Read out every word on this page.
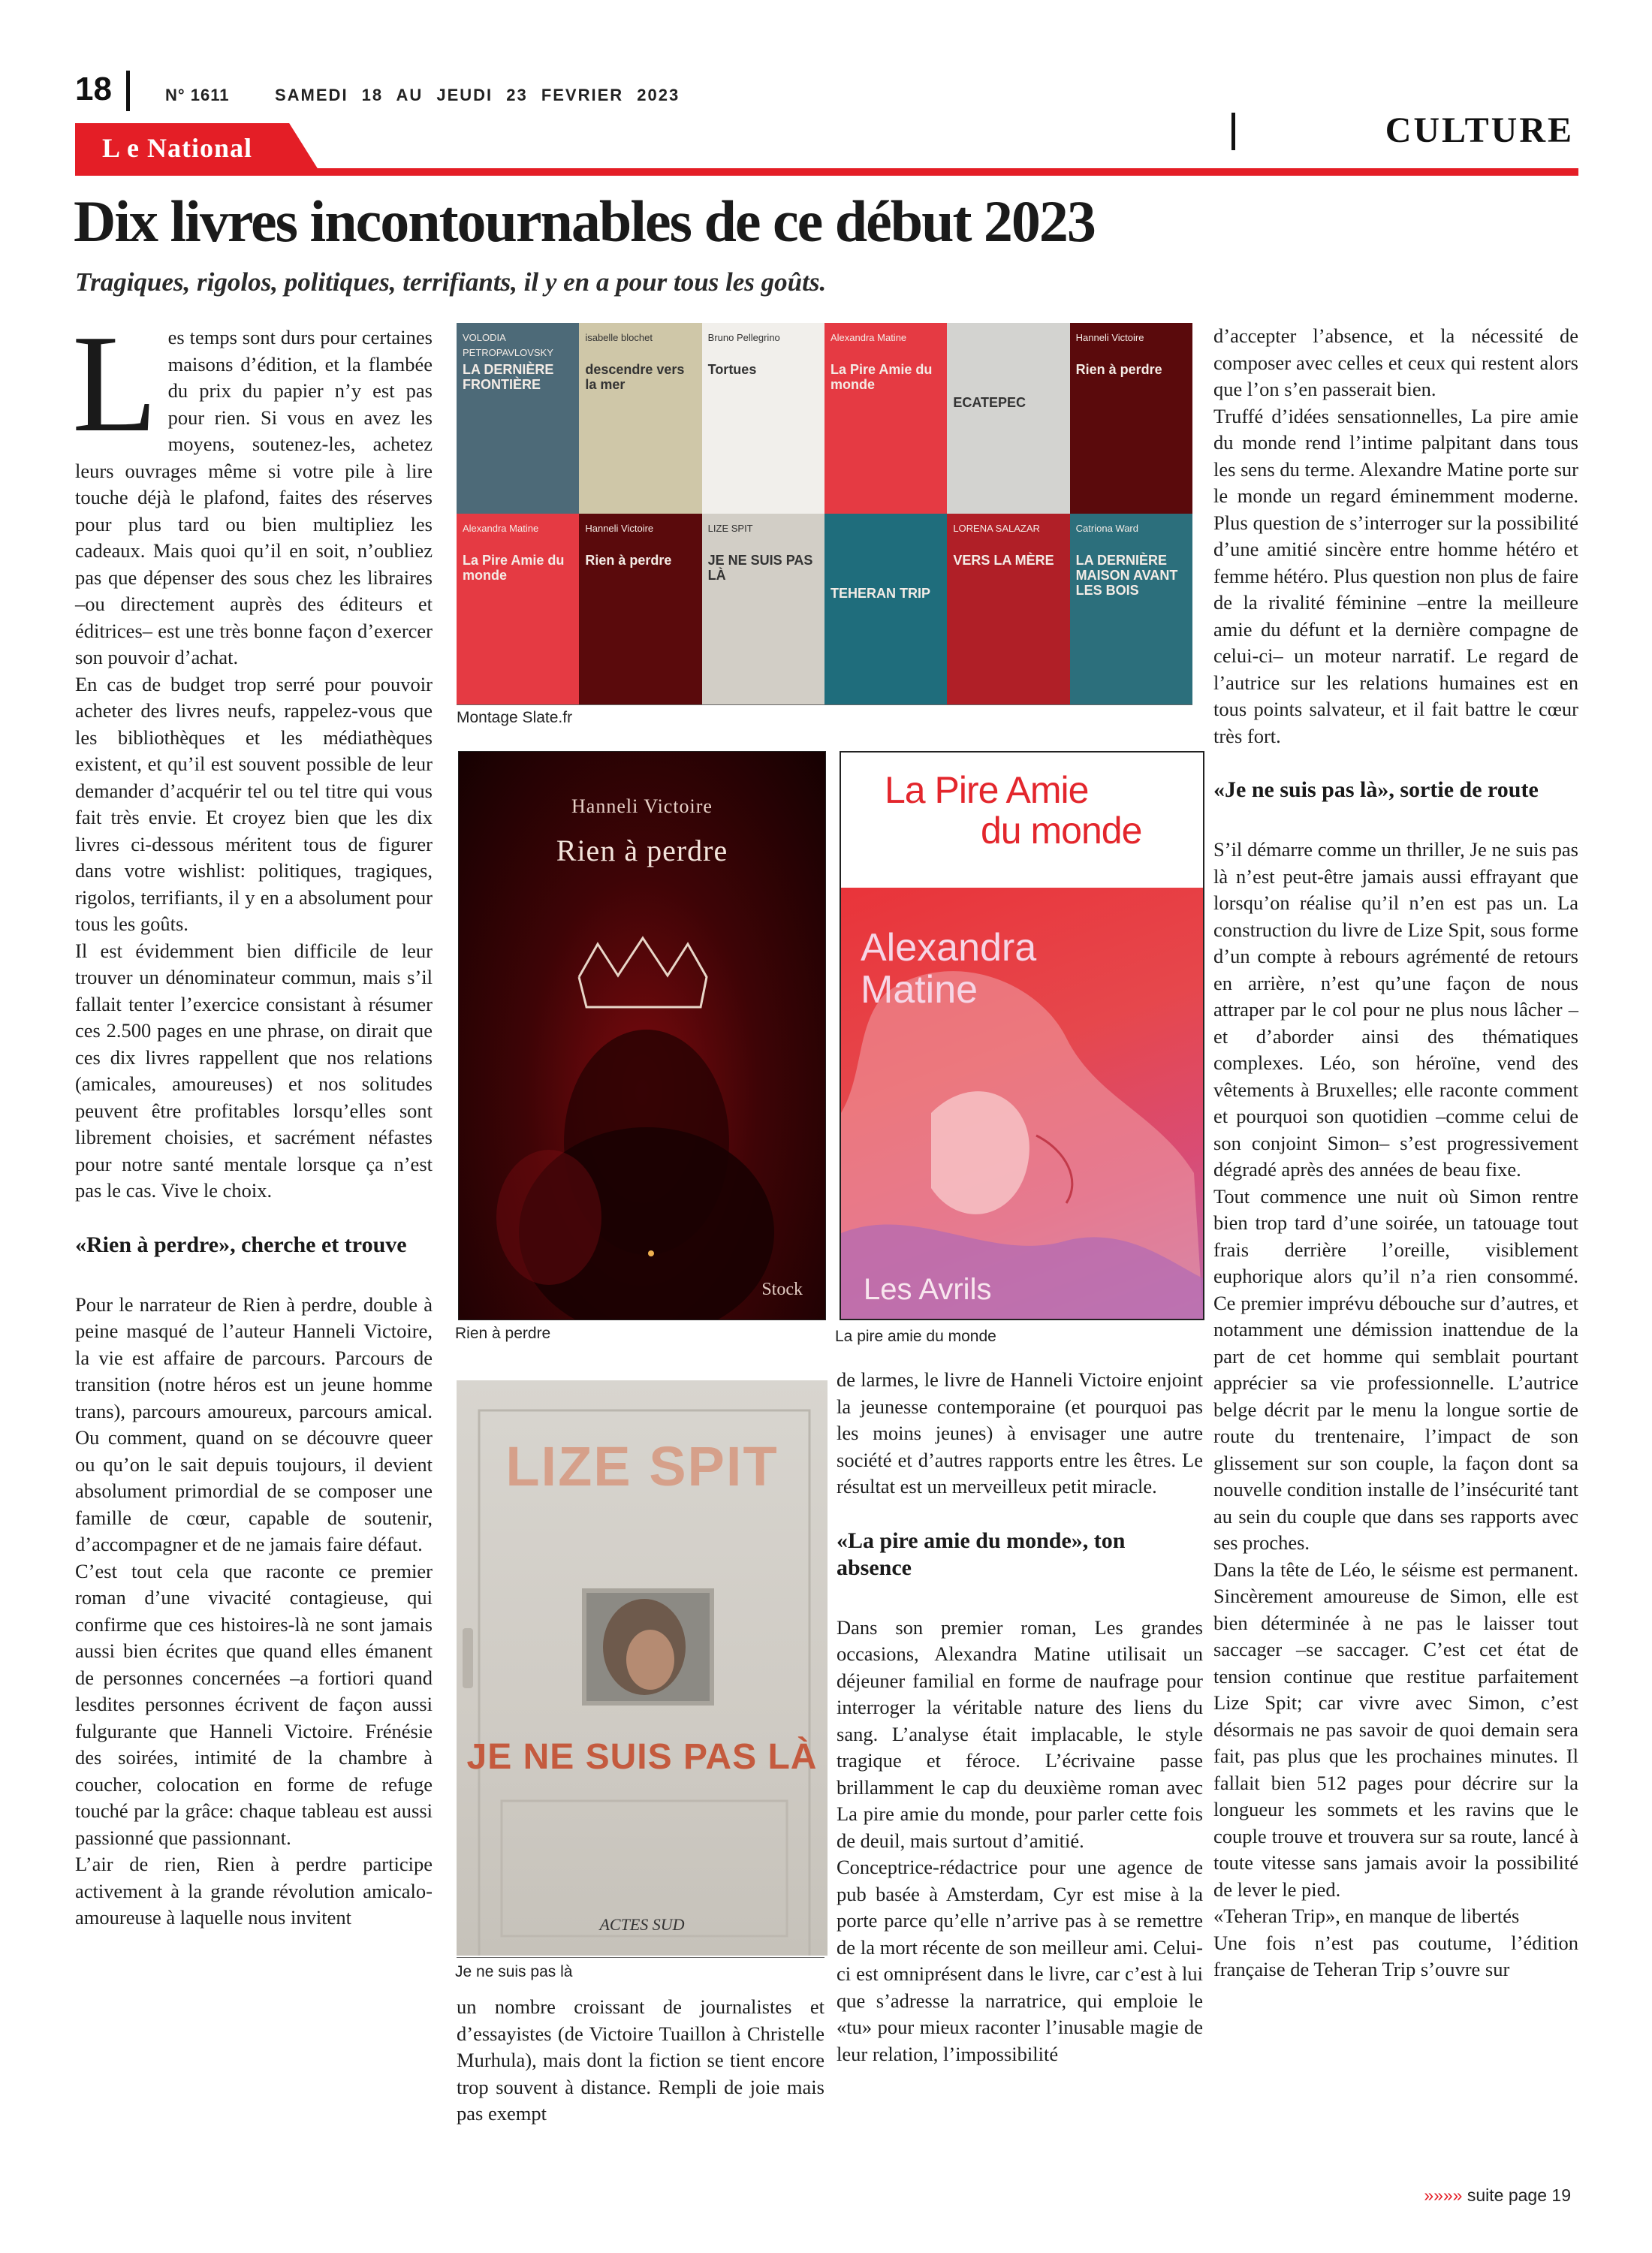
18	N° 1611	SAMEDI 18 AU JEUDI 23 FEVRIER 2023
CULTURE
L e National
Dix livres incontournables de ce début 2023
Tragiques, rigolos, politiques, terrifiants, il y en a pour tous les goûts.

Les temps sont durs pour certaines maisons d’édition, et la flambée du prix du papier n’y est pas pour rien. Si vous en avez les moyens, soutenez-les, achetez leurs ouvrages même si votre pile à lire touche déjà le plafond, faites des réserves pour plus tard ou bien multipliez les cadeaux. Mais quoi qu’il en soit, n’oubliez pas que dépenser des sous chez les libraires –ou directement auprès des éditeurs et éditrices– est une très bonne façon d’exercer son pouvoir d’achat.

En cas de budget trop serré pour pouvoir acheter des livres neufs, rappelez-vous que les bibliothèques et les médiathèques existent, et qu’il est souvent possible de leur demander d’acquérir tel ou tel titre qui vous fait très envie. Et croyez bien que les dix livres ci-dessous méritent tous de figurer dans votre wishlist: politiques, tragiques, rigolos, terrifiants, il y en a absolument pour tous les goûts.

Il est évidemment bien difficile de leur trouver un dénominateur commun, mais s’il fallait tenter l’exercice consistant à résumer ces 2.500 pages en une phrase, on dirait que ces dix livres rappellent que nos relations (amicales, amoureuses) et nos solitudes peuvent être profitables lorsqu’elles sont librement choisies, et sacrément néfastes pour notre santé mentale lorsque ça n’est pas le cas. Vive le choix.

«Rien à perdre», cherche et trouve

Pour le narrateur de Rien à perdre, double à peine masqué de l’auteur Hanneli Victoire, la vie est affaire de parcours. Parcours de transition (notre héros est un jeune homme trans), parcours amoureux, parcours amical. Ou comment, quand on se découvre queer ou qu’on le sait depuis toujours, il devient absolument primordial de se composer une famille de cœur, capable de soutenir, d’accompagner et de ne jamais faire défaut.

C’est tout cela que raconte ce premier roman d’une vivacité contagieuse, qui confirme que ces histoires-là ne sont jamais aussi bien écrites que quand elles émanent de personnes concernées –a fortiori quand lesdites personnes écrivent de façon aussi fulgurante que Hanneli Victoire. Frénésie des soirées, intimité de la chambre à coucher, colocation en forme de refuge touché par la grâce: chaque tableau est aussi passionné que passionnant.

L’air de rien, Rien à perdre participe activement à la grande révolution amicalo-amoureuse à laquelle nous invitent

VOLODIA PETROPAVLOVSKY
LA DERNIÈRE FRONTIÈRE
isabelle blochet
descendre vers la mer
Bruno Pellegrino
Tortues
Alexandra Matine
La Pire Amie du monde
ECATEPEC
Hanneli Victoire
Rien à perdre
Alexandra Matine
La Pire Amie du monde
Hanneli Victoire
Rien à perdre
LIZE SPIT
JE NE SUIS PAS LÀ
TEHERAN TRIP
LORENA SALAZAR
VERS LA MÈRE
Catriona Ward
LA DERNIÈRE MAISON AVANT LES BOIS
Montage Slate.fr
Hanneli Victoire
Rien à perdre
Stock
Rien à perdre
La Pire Amie
du monde
Alexandra
Matine
Les Avrils
La pire amie du monde
LIZE SPIT
JE NE SUIS PAS LÀ
ACTES SUD
Je ne suis pas là

un nombre croissant de journalistes et d’essayistes (de Victoire Tuaillon à Christelle Murhula), mais dont la fiction se tient encore trop souvent à distance. Rempli de joie mais pas exempt

de larmes, le livre de Hanneli Victoire enjoint la jeunesse contemporaine (et pourquoi pas les moins jeunes) à envisager une autre société et d’autres rapports entre les êtres. Le résultat est un merveilleux petit miracle.

«La pire amie du monde», ton absence

Dans son premier roman, Les grandes occasions, Alexandra Matine utilisait un déjeuner familial en forme de naufrage pour interroger la véritable nature des liens du sang. L’analyse était implacable, le style tragique et féroce. L’écrivaine passe brillamment le cap du deuxième roman avec La pire amie du monde, pour parler cette fois de deuil, mais surtout d’amitié.

Conceptrice-rédactrice pour une agence de pub basée à Amsterdam, Cyr est mise à la porte parce qu’elle n’arrive pas à se remettre de la mort récente de son meilleur ami. Celui-ci est omniprésent dans le livre, car c’est à lui que s’adresse la narratrice, qui emploie le «tu» pour mieux raconter l’inusable magie de leur relation, l’impossibilité

d’accepter l’absence, et la nécessité de composer avec celles et ceux qui restent alors que l’on s’en passerait bien.

Truffé d’idées sensationnelles, La pire amie du monde rend l’intime palpitant dans tous les sens du terme. Alexandre Matine porte sur le monde un regard éminemment moderne. Plus question de s’interroger sur la possibilité d’une amitié sincère entre homme hétéro et femme hétéro. Plus question non plus de faire de la rivalité féminine –entre la meilleure amie du défunt et la dernière compagne de celui-ci– un moteur narratif. Le regard de l’autrice sur les relations humaines est en tous points salvateur, et il fait battre le cœur très fort.

«Je ne suis pas là», sortie de route

S’il démarre comme un thriller, Je ne suis pas là n’est peut-être jamais aussi effrayant que lorsqu’on réalise qu’il n’en est pas un. La construction du livre de Lize Spit, sous forme d’un compte à rebours agrémenté de retours en arrière, n’est qu’une façon de nous attraper par le col pour ne plus nous lâcher –et d’aborder ainsi des thématiques complexes. Léo, son héroïne, vend des vêtements à Bruxelles; elle raconte comment et pourquoi son quotidien –comme celui de son conjoint Simon– s’est progressivement dégradé après des années de beau fixe.

Tout commence une nuit où Simon rentre bien trop tard d’une soirée, un tatouage tout frais derrière l’oreille, visiblement euphorique alors qu’il n’a rien consommé. Ce premier imprévu débouche sur d’autres, et notamment une démission inattendue de la part de cet homme qui semblait pourtant apprécier sa vie professionnelle. L’autrice belge décrit par le menu la longue sortie de route du trentenaire, l’impact de son glissement sur son couple, la façon dont sa nouvelle condition installe de l’insécurité tant au sein du couple que dans ses rapports avec ses proches.

Dans la tête de Léo, le séisme est permanent. Sincèrement amoureuse de Simon, elle est bien déterminée à ne pas le laisser tout saccager –se saccager. C’est cet état de tension continue que restitue parfaitement Lize Spit; car vivre avec Simon, c’est désormais ne pas savoir de quoi demain sera fait, pas plus que les prochaines minutes. Il fallait bien 512 pages pour décrire sur la longueur les sommets et les ravins que le couple trouve et trouvera sur sa route, lancé à toute vitesse sans jamais avoir la possibilité de lever le pied.

«Teheran Trip», en manque de libertés

Une fois n’est pas coutume, l’édition française de Teheran Trip s’ouvre sur

»»»» suite page 19
